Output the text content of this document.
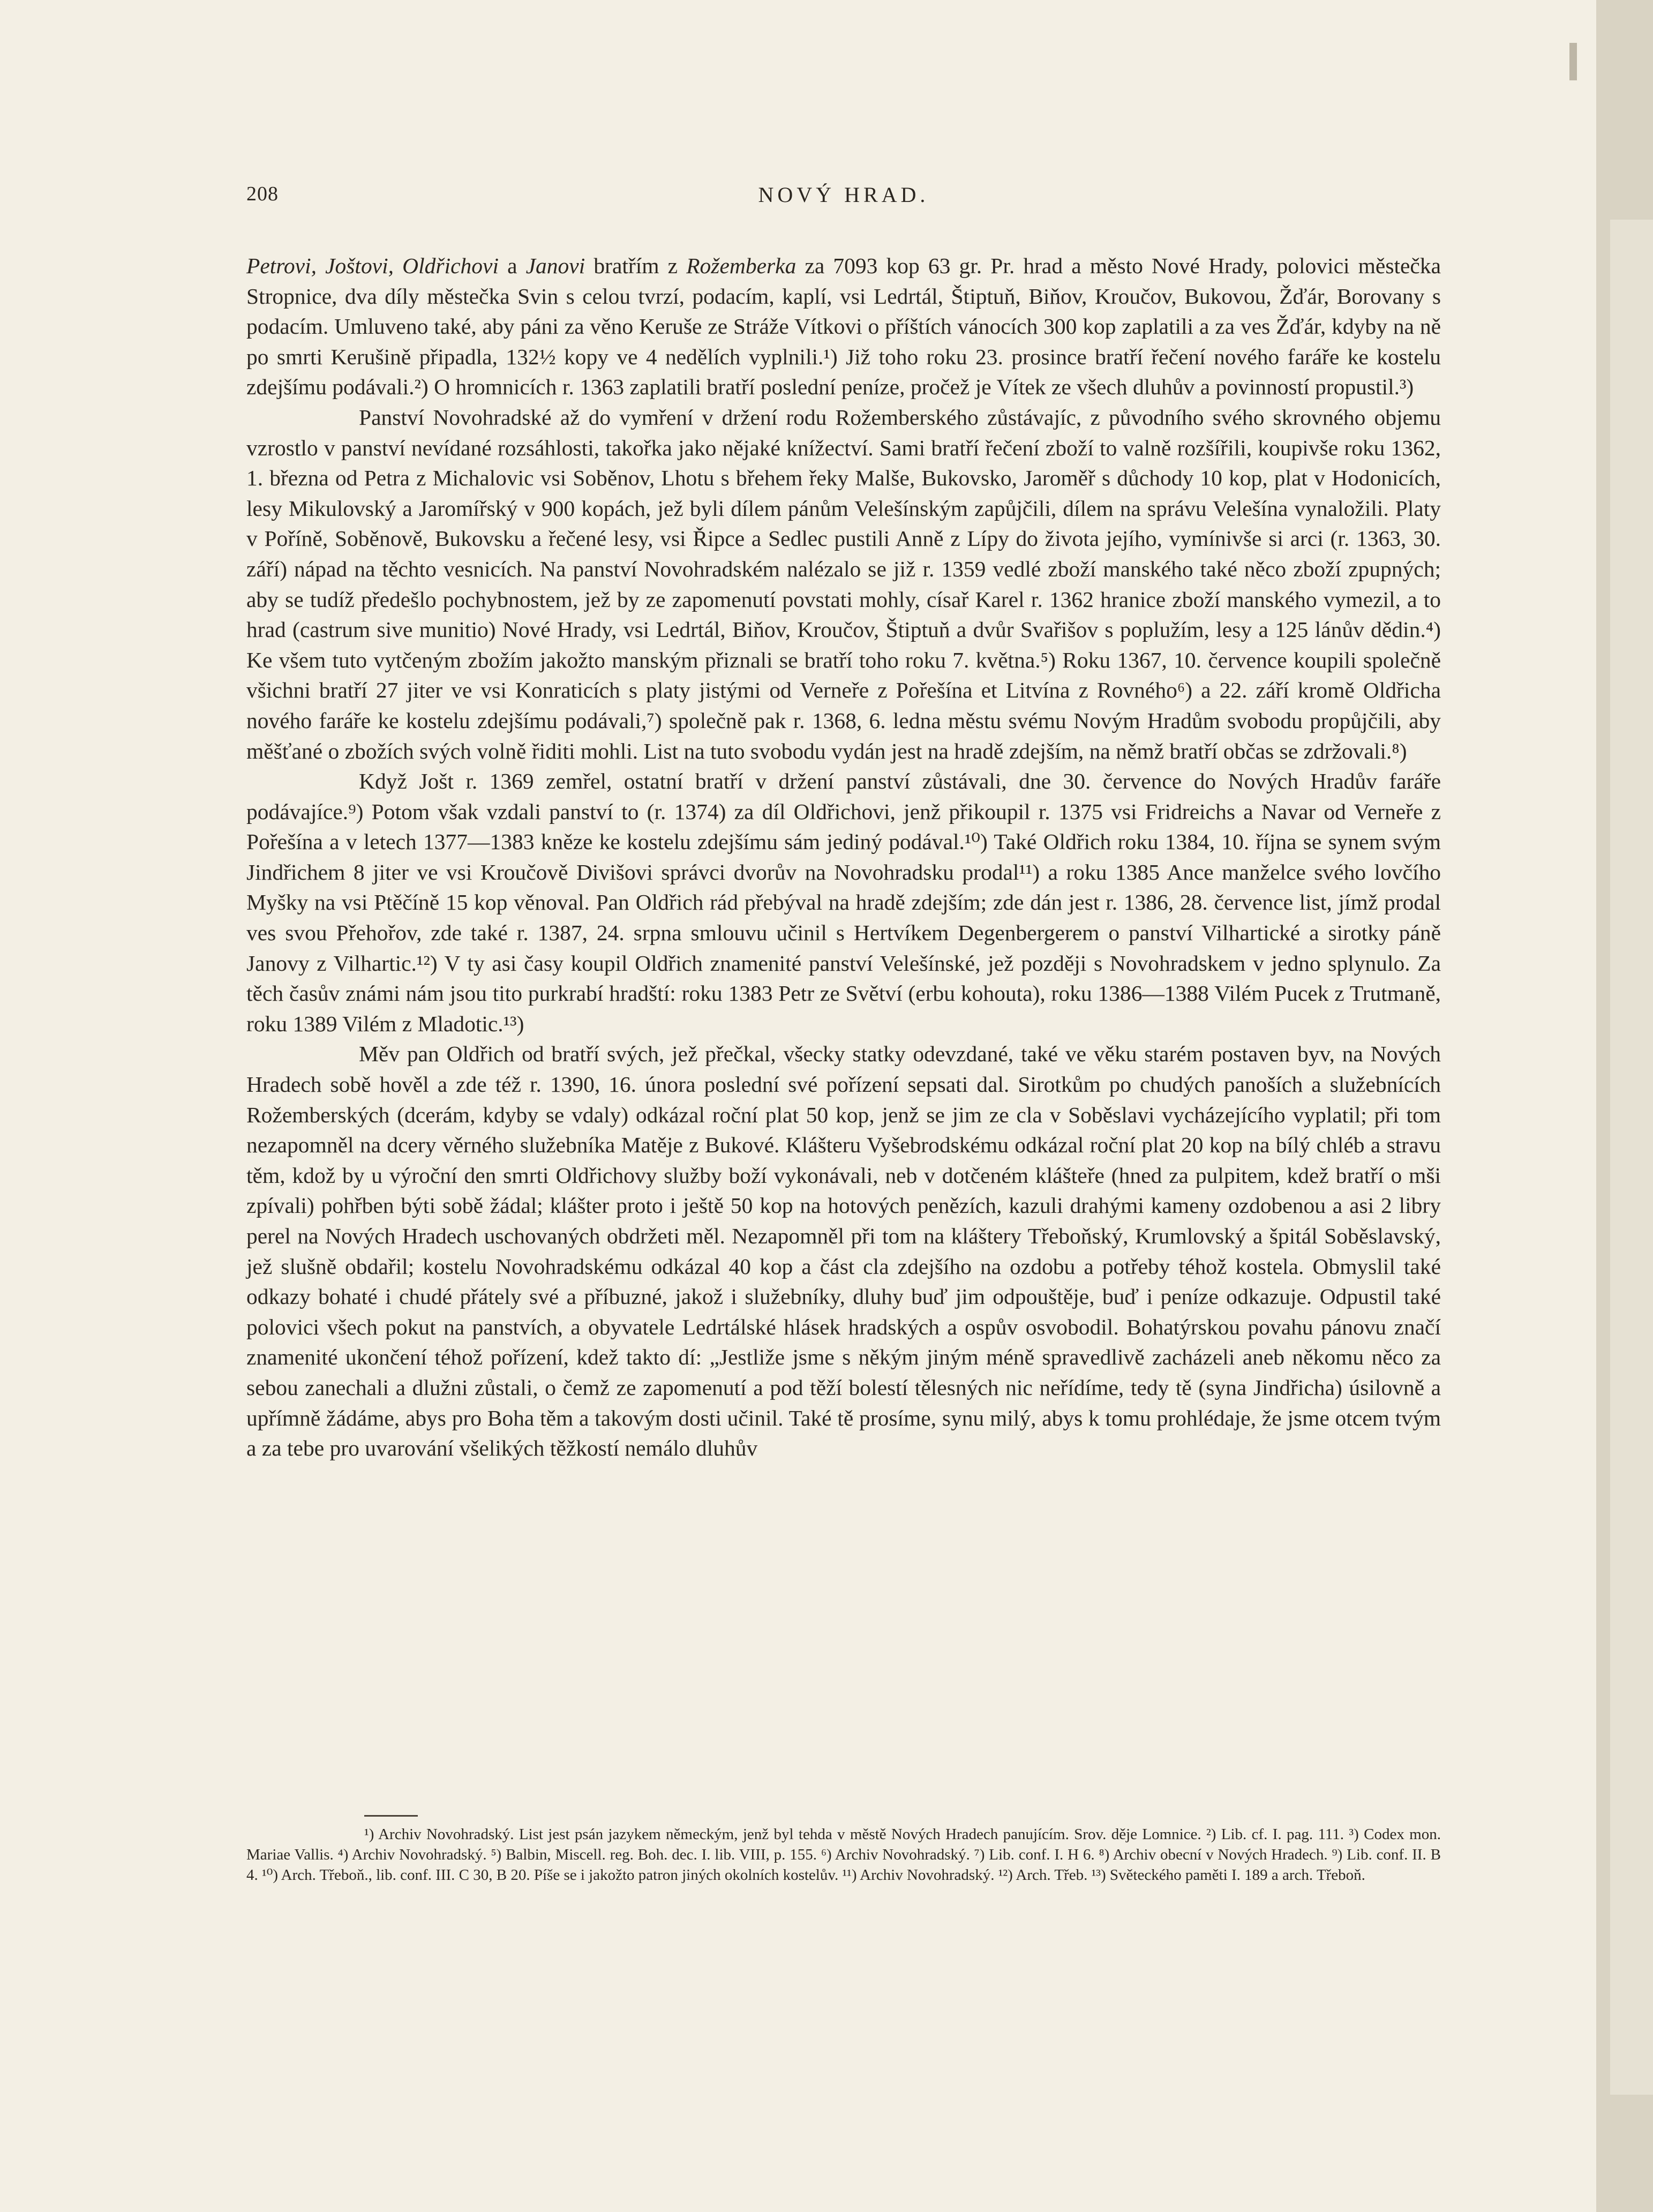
208	NOVÝ HRAD.

Petrovi, Joštovi, Oldřichovi a Janovi bratřím z Rožemberka za 7093 kop 63 gr. Pr. hrad a město Nové Hrady, polovici městečka Stropnice, dva díly městečka Svin s celou tvrzí, podacím, kaplí, vsi Ledrtál, Štiptuň, Biňov, Kroučov, Bukovou, Žďár, Borovany s podacím. Umluveno také, aby páni za věno Keruše ze Stráže Vítkovi o příštích vánocích 300 kop zaplatili a za ves Žďár, kdyby na ně po smrti Kerušině připadla, 132½ kopy ve 4 nedělích vyplnili.¹) Již toho roku 23. prosince bratří řečení nového faráře ke kostelu zdejšímu podávali.²) O hromnicích r. 1363 zaplatili bratří poslední peníze, pročež je Vítek ze všech dluhův a povinností propustil.³)

Panství Novohradské až do vymření v držení rodu Rožemberského zůstávajíc, z původního svého skrovného objemu vzrostlo v panství nevídané rozsáhlosti, takořka jako nějaké knížectví. Sami bratří řečení zboží to valně rozšířili, koupivše roku 1362, 1. března od Petra z Michalovic vsi Soběnov, Lhotu s břehem řeky Malše, Bukovsko, Jaroměř s důchody 10 kop, plat v Hodonicích, lesy Mikulovský a Jaromířský v 900 kopách, jež byli dílem pánům Velešínským zapůjčili, dílem na správu Velešína vynaložili. Platy v Poříně, Soběnově, Bukovsku a řečené lesy, vsi Řipce a Sedlec pustili Anně z Lípy do života jejího, vymínivše si arci (r. 1363, 30. září) nápad na těchto vesnicích. Na panství Novohradském nalézalo se již r. 1359 vedlé zboží manského také něco zboží zpupných; aby se tudíž předešlo pochybnostem, jež by ze zapomenutí povstati mohly, císař Karel r. 1362 hranice zboží manského vymezil, a to hrad (castrum sive munitio) Nové Hrady, vsi Ledrtál, Biňov, Kroučov, Štiptuň a dvůr Svařišov s poplužím, lesy a 125 lánův dědin.⁴) Ke všem tuto vytčeným zbožím jakožto manským přiznali se bratří toho roku 7. května.⁵) Roku 1367, 10. července koupili společně všichni bratří 27 jiter ve vsi Konraticích s platy jistými od Verneře z Pořešína et Litvína z Rovného⁶) a 22. září kromě Oldřicha nového faráře ke kostelu zdejšímu podávali,⁷) společně pak r. 1368, 6. ledna městu svému Novým Hradům svobodu propůjčili, aby měšťané o zbožích svých volně řiditi mohli. List na tuto svobodu vydán jest na hradě zdejším, na němž bratří občas se zdržovali.⁸)

Když Jošt r. 1369 zemřel, ostatní bratří v držení panství zůstávali, dne 30. července do Nových Hradův faráře podávajíce.⁹) Potom však vzdali panství to (r. 1374) za díl Oldřichovi, jenž přikoupil r. 1375 vsi Fridreichs a Navar od Verneře z Pořešína a v letech 1377—1383 kněze ke kostelu zdejšímu sám jediný podával.¹⁰) Také Oldřich roku 1384, 10. října se synem svým Jindřichem 8 jiter ve vsi Kroučově Divišovi správci dvorův na Novohradsku prodal¹¹) a roku 1385 Ance manželce svého lovčího Myšky na vsi Ptěčíně 15 kop věnoval. Pan Oldřich rád přebýval na hradě zdejším; zde dán jest r. 1386, 28. července list, jímž prodal ves svou Přehořov, zde také r. 1387, 24. srpna smlouvu učinil s Hertvíkem Degenbergerem o panství Vilhartické a sirotky páně Janovy z Vilhartic.¹²) V ty asi časy koupil Oldřich znamenité panství Velešínské, jež později s Novohradskem v jedno splynulo. Za těch časův známi nám jsou tito purkrabí hradští: roku 1383 Petr ze Světví (erbu kohouta), roku 1386—1388 Vilém Pucek z Trutmaně, roku 1389 Vilém z Mladotic.¹³)

Měv pan Oldřich od bratří svých, jež přečkal, všecky statky odevzdané, také ve věku starém postaven byv, na Nových Hradech sobě hověl a zde též r. 1390, 16. února poslední své pořízení sepsati dal. Sirotkům po chudých panoších a služebnících Rožemberských (dcerám, kdyby se vdaly) odkázal roční plat 50 kop, jenž se jim ze cla v Soběslavi vycházejícího vyplatil; při tom nezapomněl na dcery věrného služebníka Matěje z Bukové. Klášteru Vyšebrodskému odkázal roční plat 20 kop na bílý chléb a stravu těm, kdož by u výroční den smrti Oldřichovy služby boží vykonávali, neb v dotčeném klášteře (hned za pulpitem, kdež bratří o mši zpívali) pohřben býti sobě žádal; klášter proto i ještě 50 kop na hotových penězích, kazuli drahými kameny ozdobenou a asi 2 libry perel na Nových Hradech uschovaných obdržeti měl. Nezapomněl při tom na kláštery Třeboňský, Krumlovský a špitál Soběslavský, jež slušně obdařil; kostelu Novohradskému odkázal 40 kop a část cla zdejšího na ozdobu a potřeby téhož kostela. Obmyslil také odkazy bohaté i chudé přátely své a příbuzné, jakož i služebníky, dluhy buď jim odpouštěje, buď i peníze odkazuje. Odpustil také polovici všech pokut na panstvích, a obyvatele Ledrtálské hlásek hradských a ospův osvobodil. Bohatýrskou povahu pánovu značí znamenité ukončení téhož pořízení, kdež takto dí: „Jestliže jsme s někým jiným méně spravedlivě zacházeli aneb někomu něco za sebou zanechali a dlužni zůstali, o čemž ze zapomenutí a pod těží bolestí tělesných nic neřídíme, tedy tě (syna Jindřicha) úsilovně a upřímně žádáme, abys pro Boha těm a takovým dosti učinil. Také tě prosíme, synu milý, abys k tomu prohlédaje, že jsme otcem tvým a za tebe pro uvarování všelikých těžkostí nemálo dluhův

¹) Archiv Novohradský. List jest psán jazykem německým, jenž byl tehda v městě Nových Hradech panujícím. Srov. děje Lomnice. ²) Lib. cf. I. pag. 111. ³) Codex mon. Mariae Vallis. ⁴) Archiv Novohradský. ⁵) Balbin, Miscell. reg. Boh. dec. I. lib. VIII, p. 155. ⁶) Archiv Novohradský. ⁷) Lib. conf. I. H 6. ⁸) Archiv obecní v Nových Hradech. ⁹) Lib. conf. II. B 4. ¹⁰) Arch. Třeboň., lib. conf. III. C 30, B 20. Píše se i jakožto patron jiných okolních kostelův. ¹¹) Archiv Novohradský. ¹²) Arch. Třeb. ¹³) Světeckého paměti I. 189 a arch. Třeboň.
